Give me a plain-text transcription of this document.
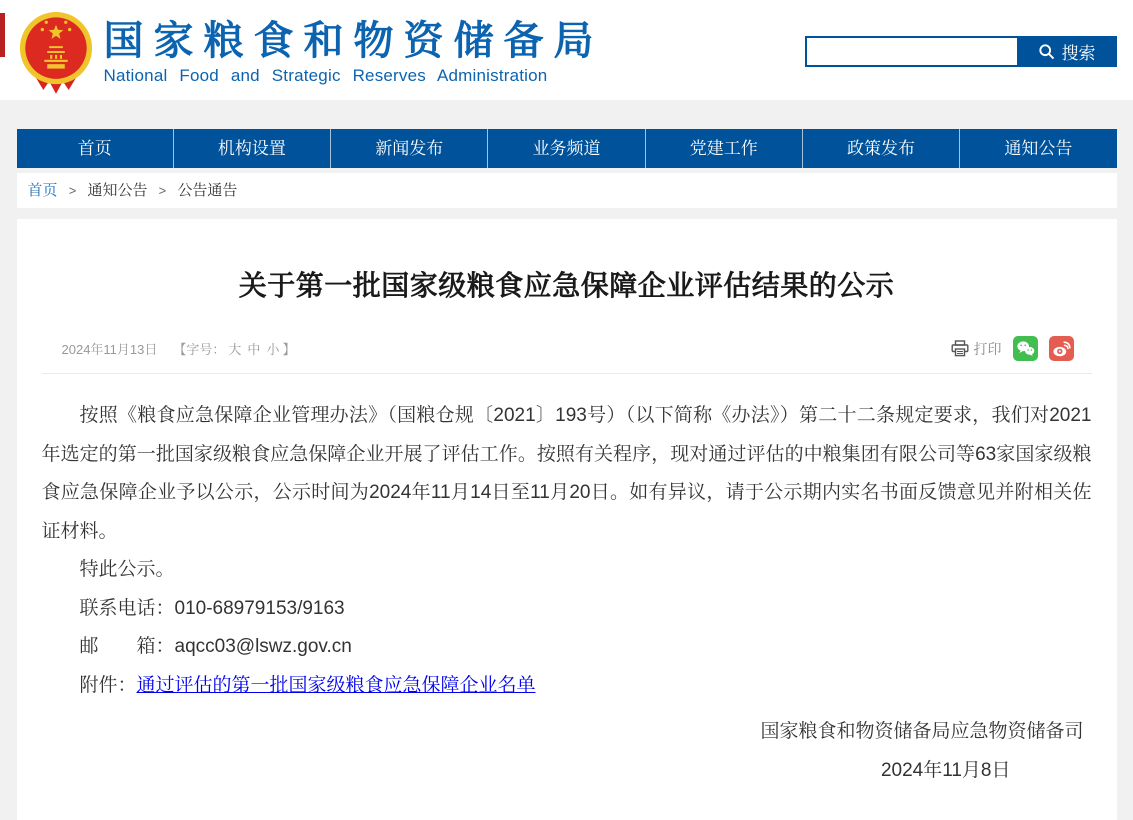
国家粮食和物资储备局
National Food and Strategic Reserves Administration
搜索
首页	机构设置	新闻发布	业务频道	党建工作	政策发布	通知公告
首页 > 通知公告 > 公告通告
关于第一批国家级粮食应急保障企业评估结果的公示
2024年11月13日 【字号： 大 中 小 】	打印

按照《粮食应急保障企业管理办法》（国粮仓规〔2021〕193号）（以下简称《办法》）第二十二条规定要求，我们对2021年选定的第一批国家级粮食应急保障企业开展了评估工作。按照有关程序，现对通过评估的中粮集团有限公司等63家国家级粮食应急保障企业予以公示，公示时间为2024年11月14日至11月20日。如有异议，请于公示期内实名书面反馈意见并附相关佐证材料。

特此公示。

联系电话：010-68979153/9163

邮　　箱：aqcc03@lswz.gov.cn

附件：通过评估的第一批国家级粮食应急保障企业名单

国家粮食和物资储备局应急物资储备司

2024年11月8日
